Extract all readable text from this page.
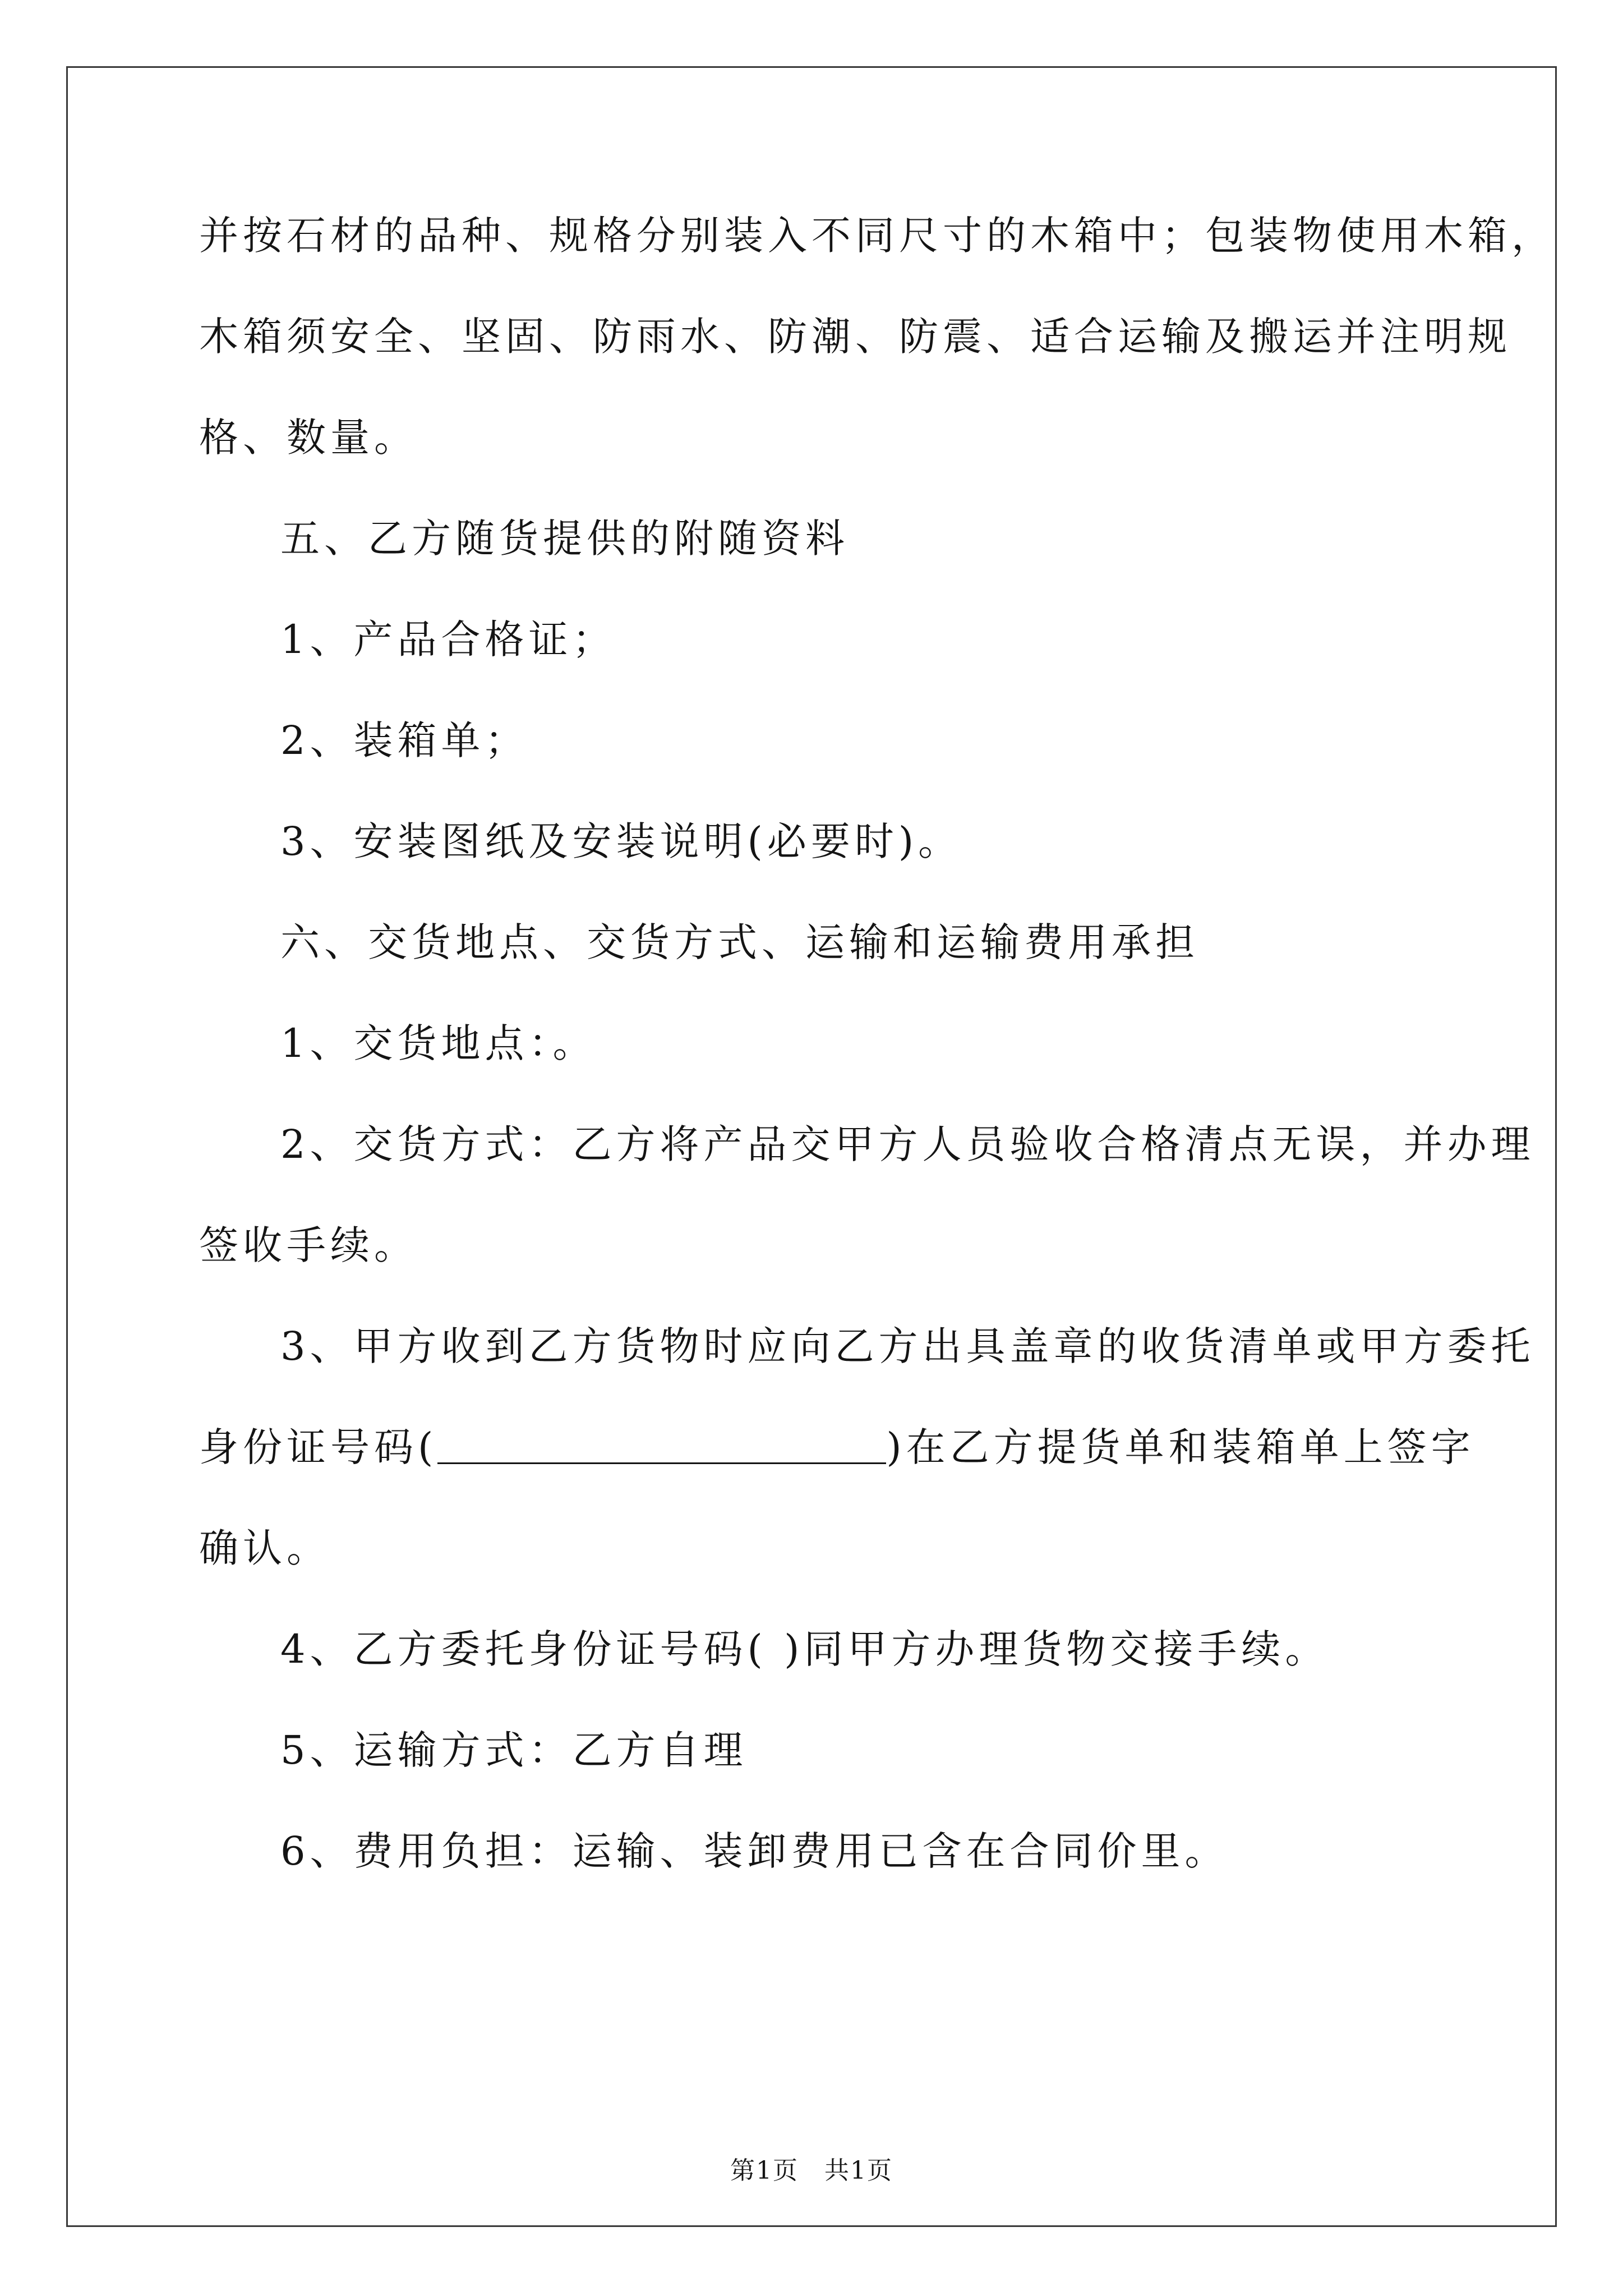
并按石材的品种、规格分别装入不同尺寸的木箱中；包装物使用木箱，
木箱须安全、坚固、防雨水、防潮、防震、适合运输及搬运并注明规
格、数量。
五、乙方随货提供的附随资料
1、产品合格证；
2、装箱单；
3、安装图纸及安装说明(必要时)。
六、交货地点、交货方式、运输和运输费用承担
1、交货地点：。
2、交货方式：乙方将产品交甲方人员验收合格清点无误，并办理
签收手续。
3、甲方收到乙方货物时应向乙方出具盖章的收货清单或甲方委托
身份证号码(	)在乙方提货单和装箱单上签字
确认。
4、乙方委托身份证号码( )同甲方办理货物交接手续。
5、运输方式：乙方自理
6、费用负担：运输、装卸费用已含在合同价里。
第1页　共1页
